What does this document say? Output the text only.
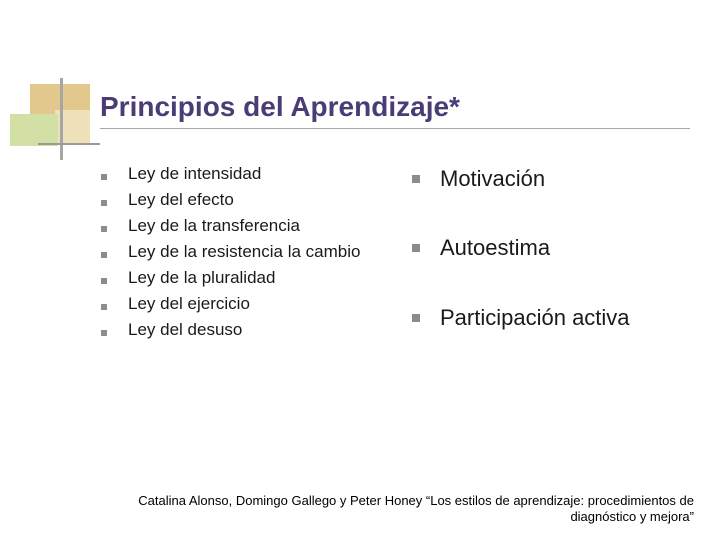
Principios del Aprendizaje*
Ley de intensidad
Ley del efecto
Ley de la transferencia
Ley de la resistencia la cambio
Ley de la pluralidad
Ley del ejercicio
Ley del desuso
Motivación
Autoestima
Participación activa
Catalina Alonso, Domingo Gallego y Peter Honey “Los estilos de aprendizaje: procedimientos de diagnóstico y mejora”
